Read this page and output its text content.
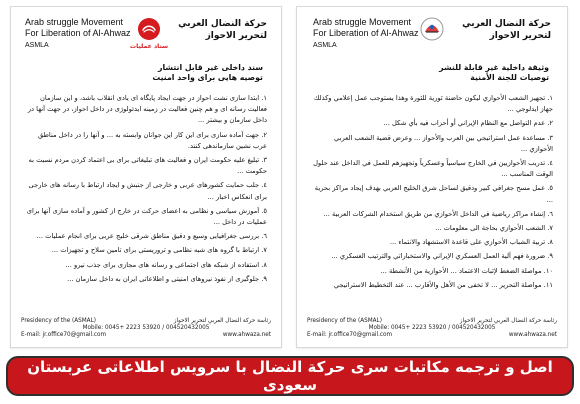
Arab struggle Movement
For Liberation of Al-Ahwaz
ASMLA	ستاد عملیات
حركة النضال العربي
لتحرير الاحواز
سند داخلی غیر قابل انتشار
توصیه هایی برای واحد امنیت
١. ابتدا سازی نشت احواز در جهت ایجاد پایگاه ای یادی انقلاب باشد، و این سازمان فعالیت رسانه ای و هم چنین فعالیت در زمینه ایدئولوژی در داخل احواز، در جهت آنها در داخل سازمان و بیشتر ...
٢. جهت آماده سازی برای این کار این جوانان وابسته به ... و آنها را در داخل مناطق عرب نشین سازماندهی کنند.
٣. تبلیغ علیه حکومت ایران و فعالیت های تبلیغاتی برای بی اعتماد کردن مردم نسبت به حکومت ...
٤. جلب حمایت کشورهای عربی و خارجی از جنبش و ایجاد ارتباط با رسانه های خارجی برای انعکاس اخبار ...
٥. آموزش سیاسی و نظامی به اعضای حرکت در خارج از کشور و آماده سازی آنها برای عملیات در داخل ...
٦. بررسی جغرافیایی وسیع و دقیق مناطق شرقی خلیج عربی برای انجام عملیات ...
٧. ارتباط با گروه های شبه نظامی و تروریستی برای تامین سلاح و تجهیزات ...
٨. استفاده از شبکه های اجتماعی و رسانه های مجازی برای جذب نیرو ...
٩. جلوگیری از نفوذ نیروهای امنیتی و اطلاعاتی ایران به داخل سازمان ...
Presidency of the (ASMAL)	رئاسة حركة النضال العربي لتحرير الاحواز
Mobile: 0045+ 2223 53920 / 004520432005
E-mail: jr.office70@gmail.com	www.ahwaza.net
Arab struggle Movement
For Liberation of Al-Ahwaz
ASMLA
حركة النضال العربي
لتحرير الاحواز
وثيقة داخلية غير قابلة للنشر
توصيات للجنة الأمنية
١. تجهيز الشعب الأحوازي لیکون حاضنة ثورية للثورة وهذا يستوجب عمل إعلامي وكذلك جهاز ايدلوجي ...
٢. عدم التواصل مع النظام الإيراني أو أحزاب فيه بأي شكل ...
٣. مساعدة عمل استراتيجي بين العرب والأحواز ... وعرض قضية الشعب العربي الأحوازي ...
٤. تدريب الأحوازيين في الخارج سياسياً وعسكرياً وتجهيزهم للعمل في الداخل عند حلول الوقت المناسب ...
٥. عمل مسح جغرافي كبير ودقيق لساحل شرق الخليج العربي بهدف إيجاد مراكز بحرية ...
٦. إنشاء مراكز رياضية في الداخل الأحوازي من طريق استخدام الشركات العربية ...
٧. الشعب الأحوازي بحاجة الى معلومات ...
٨. تربية الشباب الأحوازي على قاعدة الاستشهاد والانتماء ...
٩. ضرورة فهم آلية العمل العسكري الإيراني والاستخباراتي والترتيب العسكري ...
١٠. مواصلة الضغط لإثبات الاعتماد ... الأحوازية من الأنشطة ...
١١. مواصلة التحرير ... لا تخفى من الأهل والأقارب ... عند التخطيط الاستراتيجي
Presidency of the (ASMAL)	رئاسة حركة النضال العربي لتحرير الاحواز
Mobile: 0045+ 2223 53920 / 004520432005
E-mail: jr.office70@gmail.com	www.ahwaza.net
اصل و ترجمه مکاتبات سری حرکة النضال با سرویس اطلاعاتی عربستان سعودی
